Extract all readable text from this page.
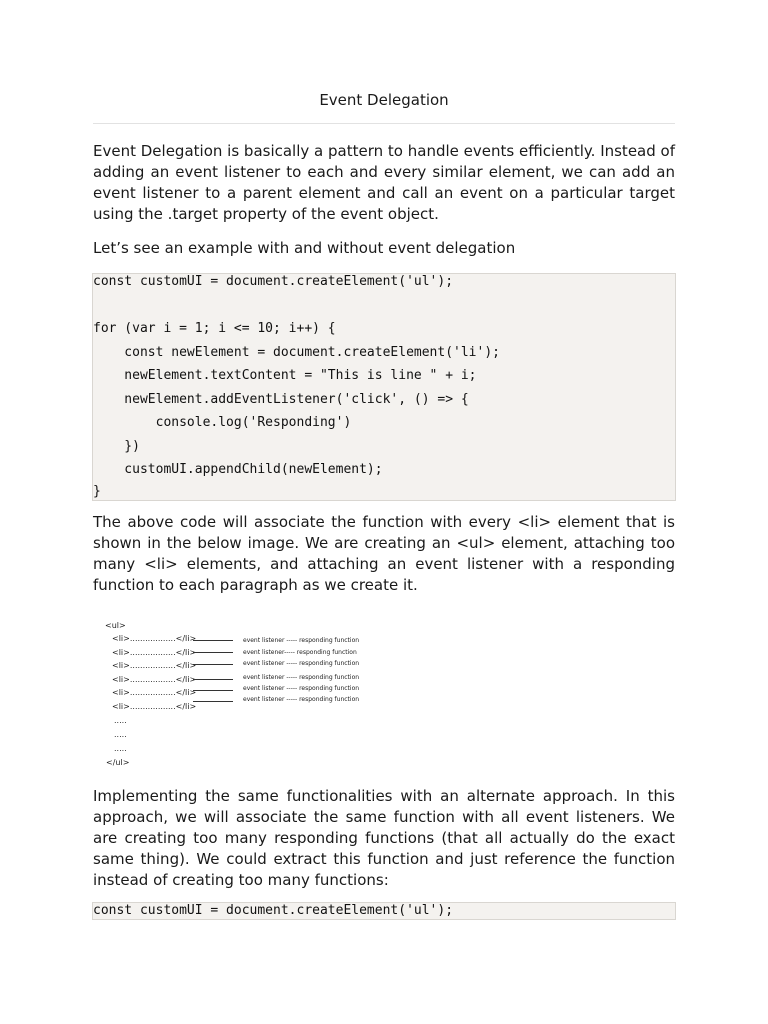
Event Delegation

Event Delegation is basically a pattern to handle events efficiently. Instead of adding an event listener to each and every similar element, we can add an event listener to a parent element and call an event on a particular target using the .target property of the event object.

Let’s see an example with and without event delegation

const customUI = document.createElement('ul');
for (var i = 1; i <= 10; i++) {
const newElement = document.createElement('li');
newElement.textContent = "This is line " + i;
newElement.addEventListener('click', () => {
console.log('Responding')
})
customUI.appendChild(newElement);
}

The above code will associate the function with every <li> element that is shown in the below image. We are creating an <ul> element, attaching too many <li> elements, and attaching an event listener with a responding function to each paragraph as we create it.

Implementing the same functionalities with an alternate approach. In this approach, we will associate the same function with all event listeners. We are creating too many responding functions (that all actually do the exact same thing). We could extract this function and just reference the function instead of creating too many functions:

const customUI = document.createElement('ul');
<ul>
<li>..................</li>
<li>..................</li>
<li>..................</li>
<li>..................</li>
<li>..................</li>
<li>..................</li>
.....
.....
.....
</ul>
event listener ----- responding function
event listener----- responding function
event listener ----- responding function
event listener ----- responding function
event listener ----- responding function
event listener ----- responding function
